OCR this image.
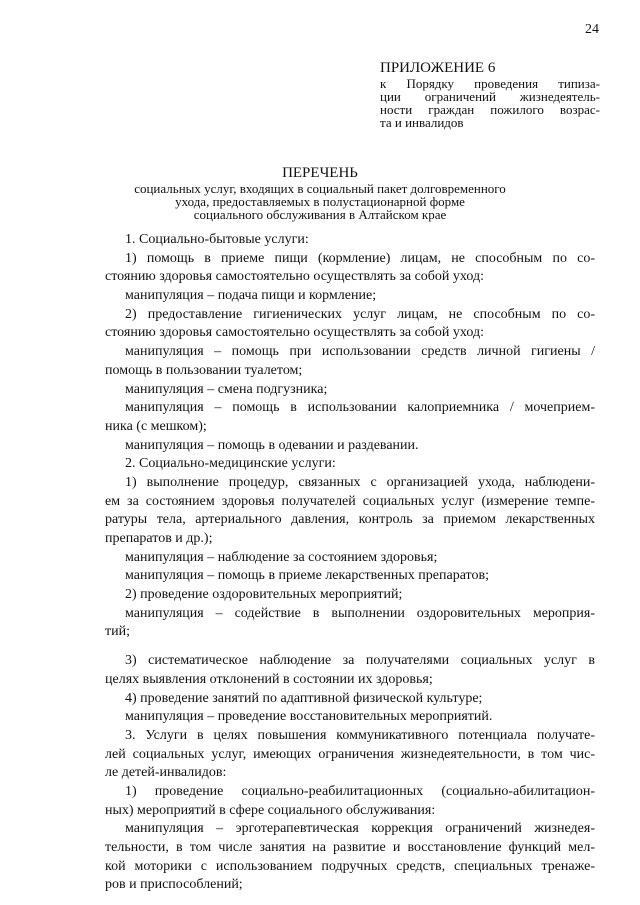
24
ПРИЛОЖЕНИЕ 6
к Порядку проведения типиза-
ции ограничений жизнедеятель-
ности граждан пожилого возрас-
та и инвалидов
ПЕРЕЧЕНЬ
социальных услуг, входящих в социальный пакет долговременного
ухода, предоставляемых в полустационарной форме
социального обслуживания в Алтайском крае
1. Социально-бытовые услуги:
1) помощь в приеме пищи (кормление) лицам, не способным по со-
стоянию здоровья самостоятельно осуществлять за собой уход:
манипуляция – подача пищи и кормление;
2) предоставление гигиенических услуг лицам, не способным по со-
стоянию здоровья самостоятельно осуществлять за собой уход:
манипуляция – помощь при использовании средств личной гигиены /
помощь в пользовании туалетом;
манипуляция – смена подгузника;
манипуляция – помощь в использовании калоприемника / мочеприем-
ника (с мешком);
манипуляция – помощь в одевании и раздевании.
2. Социально-медицинские услуги:
1) выполнение процедур, связанных с организацией ухода, наблюдени-
ем за состоянием здоровья получателей социальных услуг (измерение темпе-
ратуры тела, артериального давления, контроль за приемом лекарственных
препаратов и др.);
манипуляция – наблюдение за состоянием здоровья;
манипуляция – помощь в приеме лекарственных препаратов;
2) проведение оздоровительных мероприятий;
манипуляция – содействие в выполнении оздоровительных мероприя-
тий;
3) систематическое наблюдение за получателями социальных услуг в
целях выявления отклонений в состоянии их здоровья;
4) проведение занятий по адаптивной физической культуре;
манипуляция – проведение восстановительных мероприятий.
3. Услуги в целях повышения коммуникативного потенциала получате-
лей социальных услуг, имеющих ограничения жизнедеятельности, в том чис-
ле детей-инвалидов:
1) проведение социально-реабилитационных (социально-абилитацион-
ных) мероприятий в сфере социального обслуживания:
манипуляция – эрготерапевтическая коррекция ограничений жизнедея-
тельности, в том числе занятия на развитие и восстановление функций мел-
кой моторики с использованием подручных средств, специальных тренаже-
ров и приспособлений;
